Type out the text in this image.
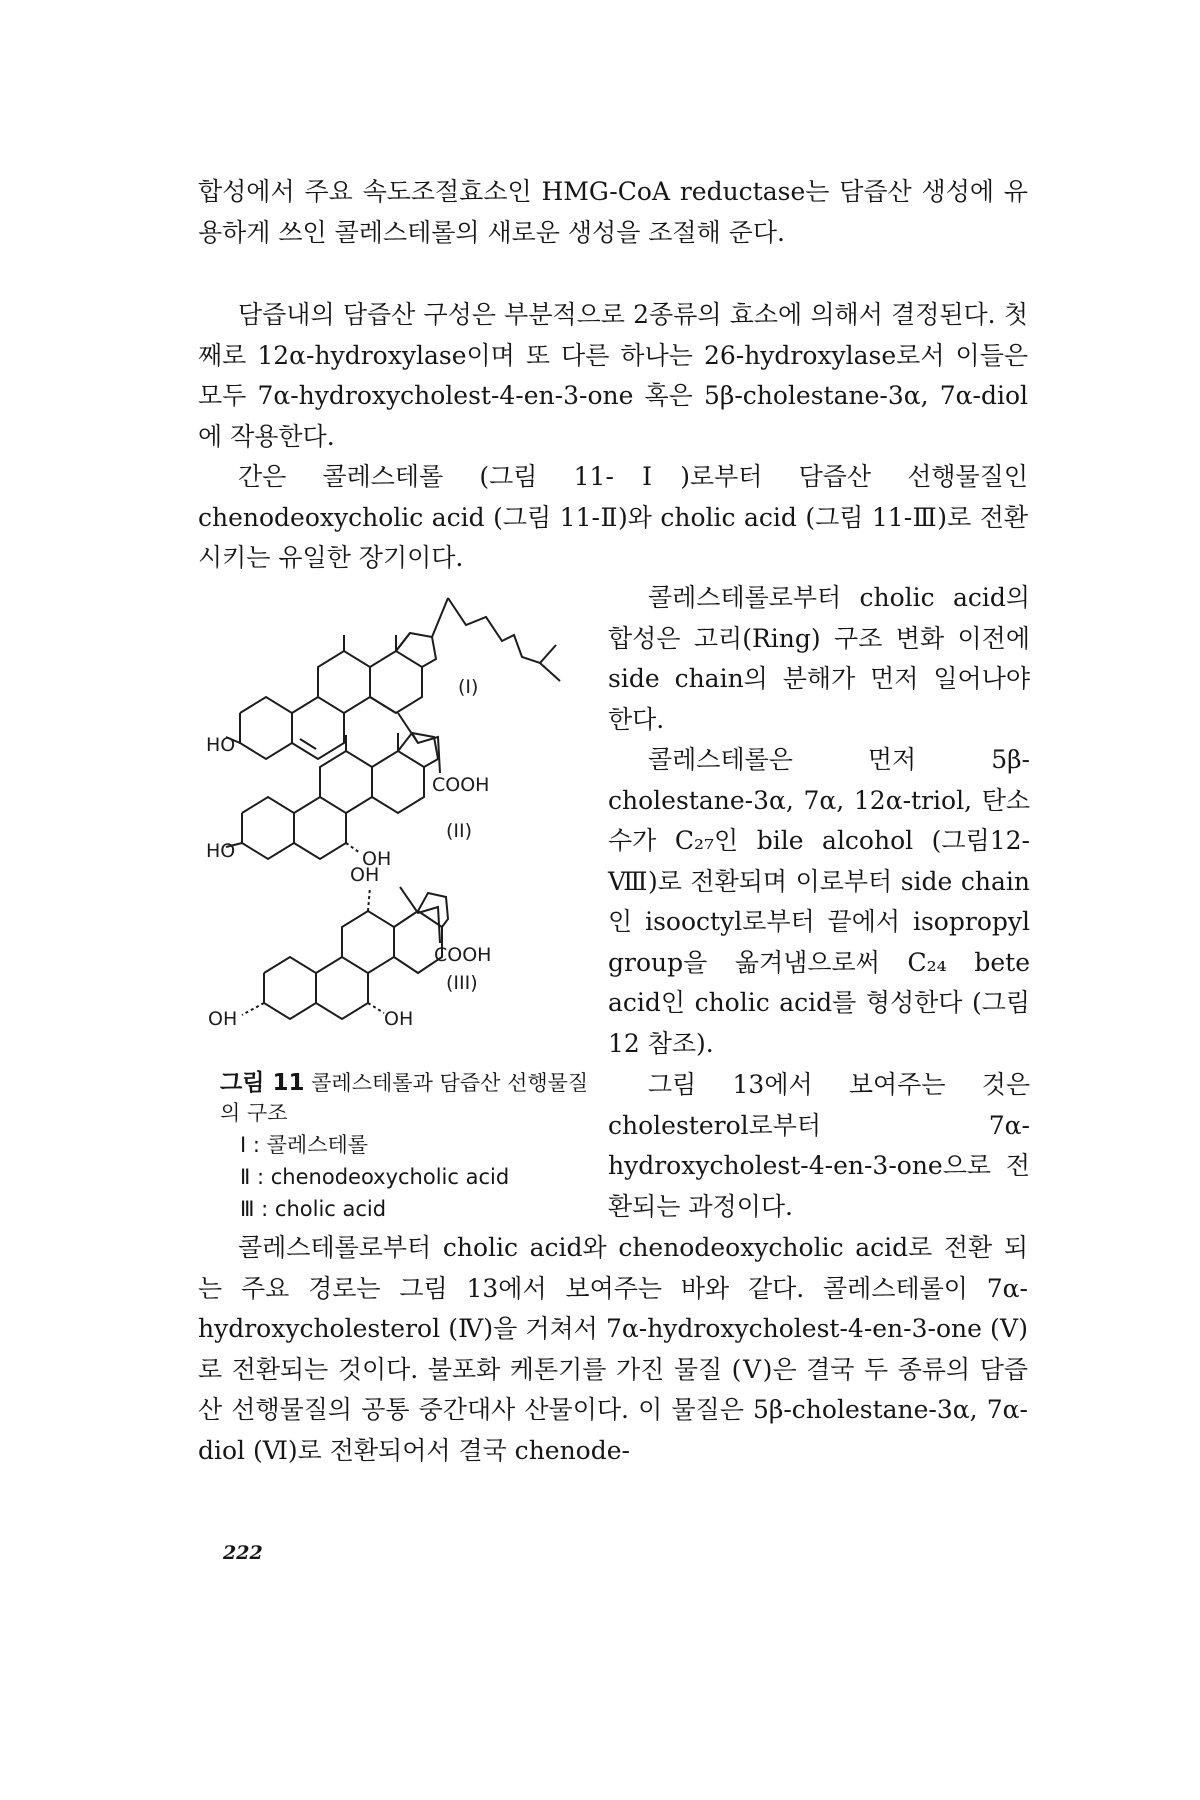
합성에서 주요 속도조절효소인 HMG-CoA reductase는 담즙산 생성에 유용하게 쓰인 콜레스테롤의 새로운 생성을 조절해 준다.

담즙내의 담즙산 구성은 부분적으로 2종류의 효소에 의해서 결정된다. 첫째로 12α-hydroxylase이며 또 다른 하나는 26-hydroxylase로서 이들은 모두 7α-hydroxycholest-4-en-3-one 혹은 5β-cholestane-3α, 7α-diol에 작용한다.

간은 콜레스테롤 (그림 11-Ⅰ)로부터 담즙산 선행물질인 chenodeoxycholic acid (그림 11-Ⅱ)와 cholic acid (그림 11-Ⅲ)로 전환시키는 유일한 장기이다.

HO
(I)
COOH
HO	OH
(II)
COOH
OH
OH	OH
(III)

그림 11 콜레스테롤과 담즙산 선행물질의 구조

Ⅰ : 콜레스테롤

Ⅱ : chenodeoxycholic acid

Ⅲ : cholic acid

콜레스테롤로부터 cholic acid의 합성은 고리(Ring) 구조 변화 이전에 side chain의 분해가 먼저 일어나야 한다.

콜레스테롤은 먼저 5β-cholestane-3α, 7α, 12α-triol, 탄소수가 C₂₇인 bile alcohol (그림12-Ⅷ)로 전환되며 이로부터 side chain인 isooctyl로부터 끝에서 isopropyl group을 옮겨냄으로써 C₂₄ bete acid인 cholic acid를 형성한다 (그림 12 참조).

그림 13에서 보여주는 것은 cholesterol로부터 7α-hydroxycholest-4-en-3-one으로 전환되는 과정이다.

콜레스테롤로부터 cholic acid와 chenodeoxycholic acid로 전환 되는 주요 경로는 그림 13에서 보여주는 바와 같다. 콜레스테롤이 7α-hydroxycholesterol (Ⅳ)을 거쳐서 7α-hydroxycholest-4-en-3-one (Ⅴ)로 전환되는 것이다. 불포화 케톤기를 가진 물질 (Ⅴ)은 결국 두 종류의 담즙산 선행물질의 공통 중간대사 산물이다. 이 물질은 5β-cholestane-3α, 7α-diol (Ⅵ)로 전환되어서 결국 chenode-

222
